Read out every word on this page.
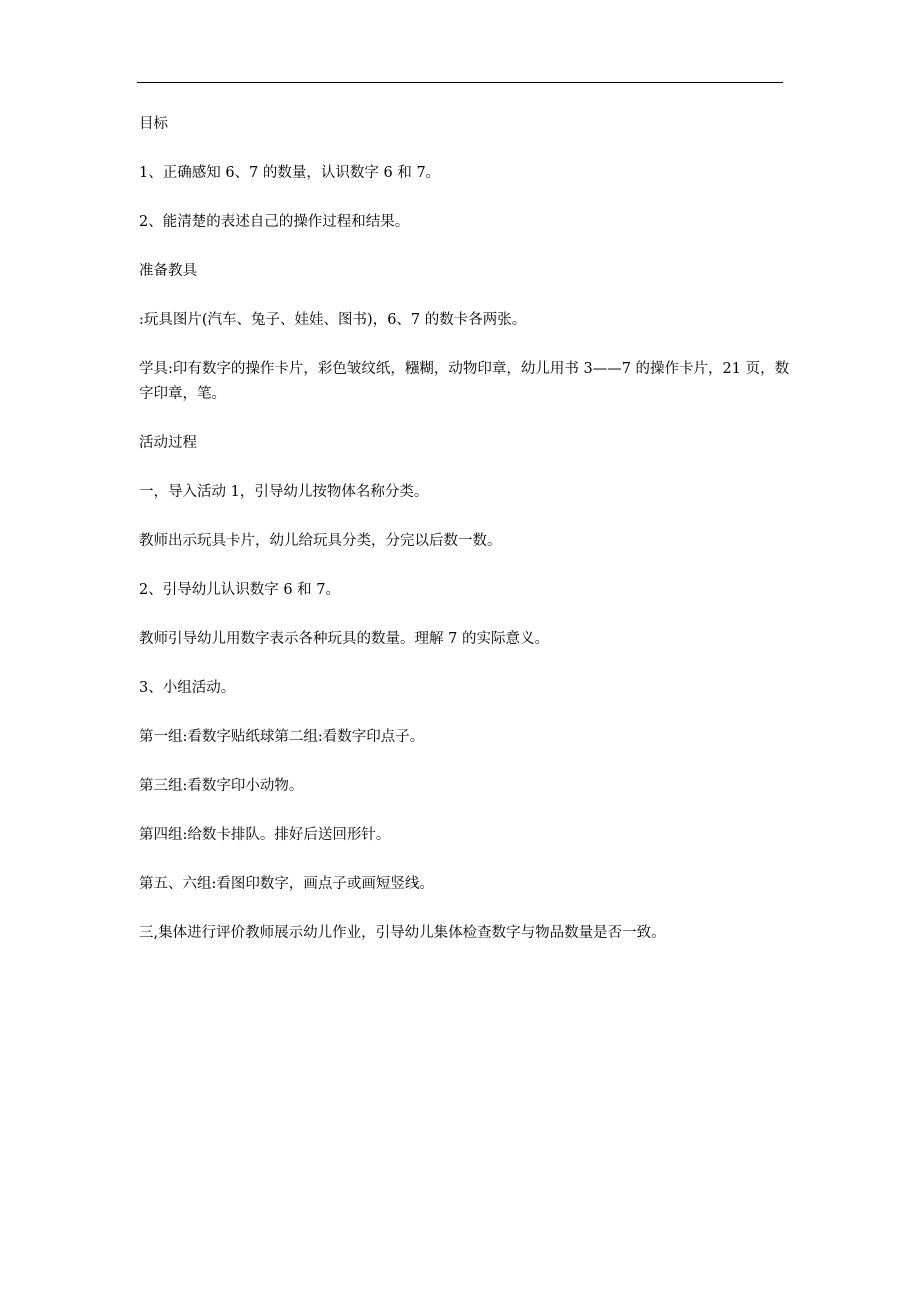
目标

1、正确感知 6、7 的数量，认识数字 6 和 7。

2、能清楚的表述自己的操作过程和结果。

准备教具

:玩具图片(汽车、兔子、娃娃、图书)，6、7 的数卡各两张。

学具:印有数字的操作卡片，彩色皱纹纸，糨糊，动物印章，幼儿用书 3——7 的操作卡片，21 页，数字印章，笔。

活动过程

一，导入活动 1，引导幼儿按物体名称分类。

教师出示玩具卡片，幼儿给玩具分类，分完以后数一数。

2、引导幼儿认识数字 6 和 7。

教师引导幼儿用数字表示各种玩具的数量。理解 7 的实际意义。

3、小组活动。

第一组:看数字贴纸球第二组:看数字印点子。

第三组:看数字印小动物。

第四组:给数卡排队。排好后送回形针。

第五、六组:看图印数字，画点子或画短竖线。

三,集体进行评价教师展示幼儿作业，引导幼儿集体检查数字与物品数量是否一致。
